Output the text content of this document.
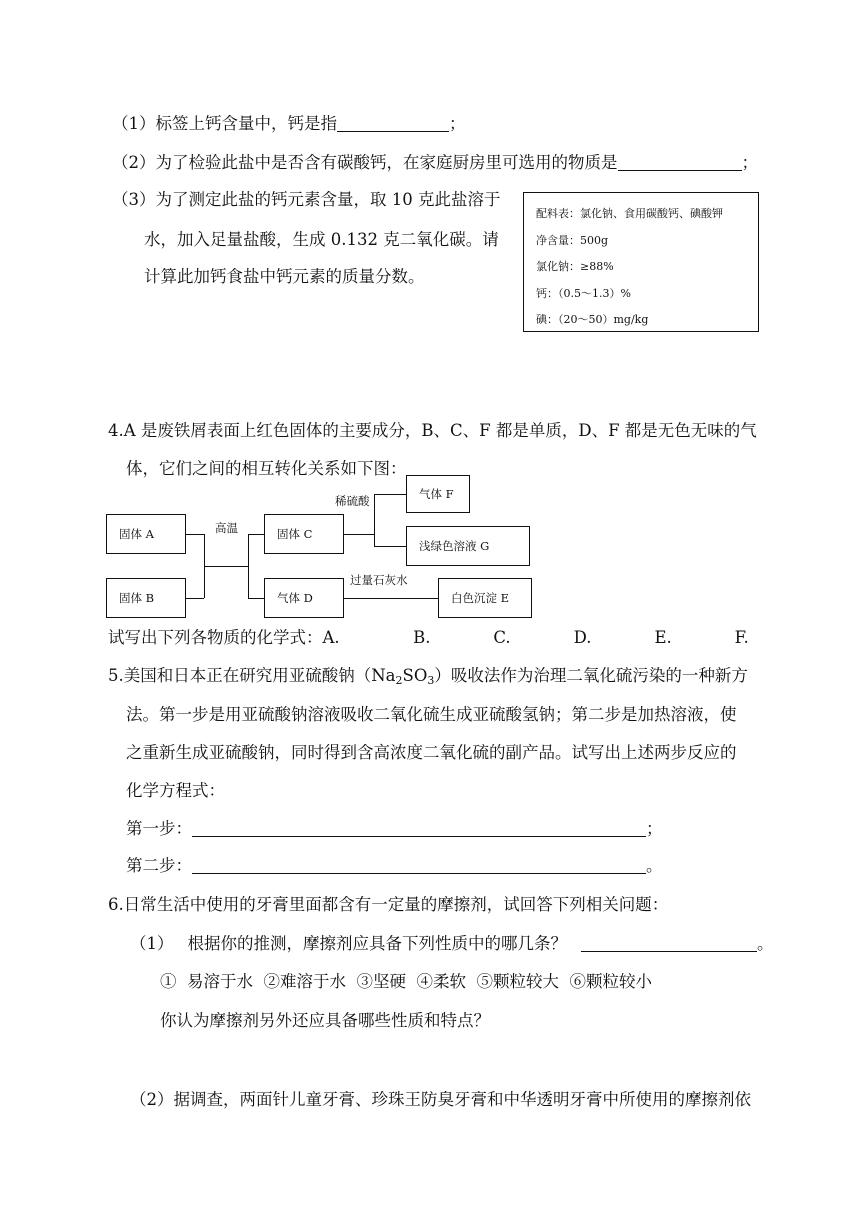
（1）标签上钙含量中，钙是指	；
（2）为了检验此盐中是否含有碳酸钙，在家庭厨房里可选用的物质是	；
（3）为了测定此盐的钙元素含量，取 10 克此盐溶于
水，加入足量盐酸，生成 0.132 克二氧化碳。请
计算此加钙食盐中钙元素的质量分数。
配料表：氯化钠、食用碳酸钙、碘酸钾
净含量：500g
氯化钠：≥88%
钙：（0.5～1.3）%
碘：（20～50）mg/kg
4.A 是废铁屑表面上红色固体的主要成分，B、C、F 都是单质，D、F 都是无色无味的气
体，它们之间的相互转化关系如下图：
固体 A
固体 B
高温	固体 C
气体 D
稀硫酸	气体 F
浅绿色溶液 G
过量石灰水
白色沉淀 E
试写出下列各物质的化学式：A.              B.            C.            D.            E.            F.
5.美国和日本正在研究用亚硫酸钠$(Na_2SO_3)$吸收法作为治理二氧化硫污染的一种新方
法。第一步是用亚硫酸钠溶液吸收二氧化硫生成亚硫酸氢钠；第二步是加热溶液，使
之重新生成亚硫酸钠，同时得到含高浓度二氧化硫的副产品。试写出上述两步反应的
化学方程式：
第一步：	；
第二步：	。
6.日常生活中使用的牙膏里面都含有一定量的摩擦剂，试回答下列相关问题：
（1） 根据你的推测，摩擦剂应具备下列性质中的哪几条？	。
①  易溶于水  ②难溶于水  ③坚硬  ④柔软  ⑤颗粒较大  ⑥颗粒较小
你认为摩擦剂另外还应具备哪些性质和特点？
（2）据调查，两面针儿童牙膏、珍珠王防臭牙膏和中华透明牙膏中所使用的摩擦剂依
